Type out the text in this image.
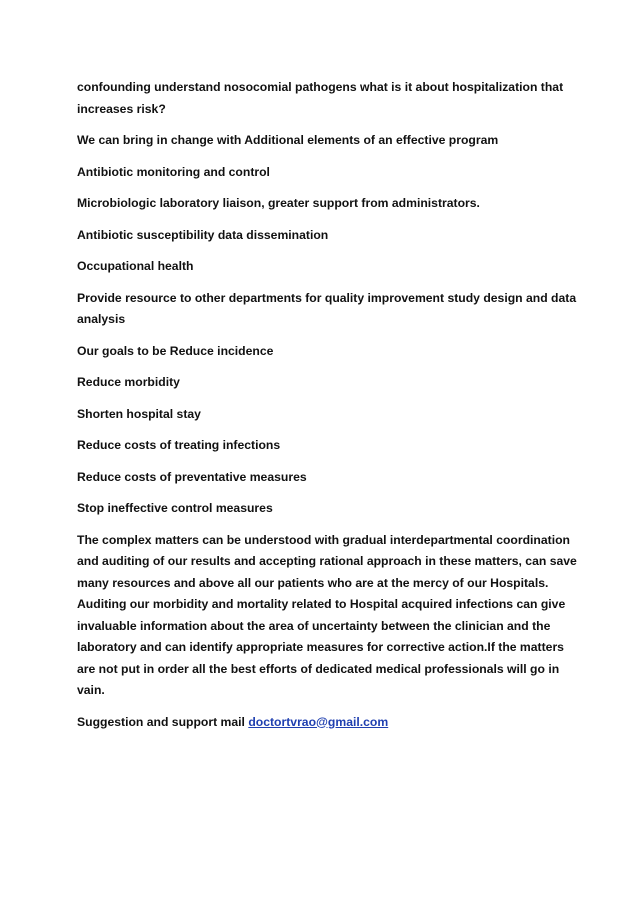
confounding understand nosocomial pathogens what is it about hospitalization that increases risk?

We can bring in change with Additional elements of an effective program

Antibiotic monitoring and control

Microbiologic laboratory liaison, greater support from administrators.

Antibiotic susceptibility data dissemination

Occupational health

Provide resource to other departments for quality improvement study design and data analysis

Our goals to be Reduce incidence

Reduce morbidity

Shorten hospital stay

Reduce costs of treating infections

Reduce costs of preventative measures

Stop ineffective control measures

The complex matters can be understood with gradual interdepartmental coordination and auditing of our results and accepting rational approach in these matters, can save many resources and above all our patients who are at the mercy of our Hospitals. Auditing our morbidity and mortality related to Hospital acquired infections can give invaluable information about the area of uncertainty between the clinician and the laboratory and can identify appropriate measures for corrective action.If the matters are not put in order all the best efforts of dedicated medical professionals will go in vain.

Suggestion and support mail doctortvrao@gmail.com
